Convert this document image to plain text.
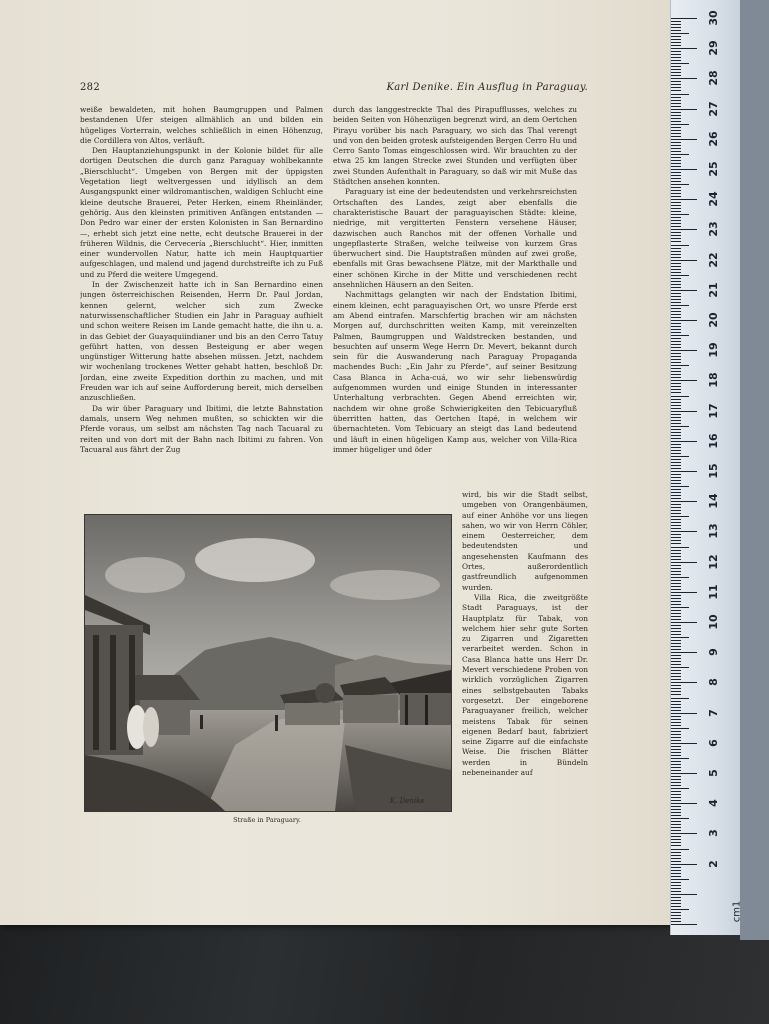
282	Karl Denike. Ein Ausflug in Paraguay.

weiße bewaldeten, mit hohen Baumgruppen und Palmen bestandenen Ufer steigen allmählich an und bilden ein hügeliges Vorterrain, welches schließlich in einen Höhenzug, die Cordillera von Altos, verläuft.

Den Hauptanziehungspunkt in der Kolonie bildet für alle dortigen Deutschen die durch ganz Paraguay wohlbekannte „Bierschlucht“. Umgeben von Bergen mit der üppigsten Vegetation liegt weltvergessen und idyllisch an dem Ausgangspunkt einer wildromantischen, waldigen Schlucht eine kleine deutsche Brauerei, Peter Herken, einem Rheinländer, gehörig. Aus den kleinsten primitiven Anfängen entstanden — Don Pedro war einer der ersten Kolonisten in San Bernardino —, erhebt sich jetzt eine nette, echt deutsche Brauerei in der früheren Wildnis, die Cervecería „Bierschlucht“. Hier, inmitten einer wundervollen Natur, hatte ich mein Hauptquartier aufgeschlagen, und malend und jagend durchstreifte ich zu Fuß und zu Pferd die weitere Umgegend.

In der Zwischenzeit hatte ich in San Bernardino einen jungen österreichischen Reisenden, Herrn Dr. Paul Jordan, kennen gelernt, welcher sich zum Zwecke naturwissenschaftlicher Studien ein Jahr in Paraguay aufhielt und schon weitere Reisen im Lande gemacht hatte, die ihn u. a. in das Gebiet der Guayaquiindianer und bis an den Cerro Tatuy geführt hatten, von dessen Besteigung er aber wegen ungünstiger Witterung hatte absehen müssen. Jetzt, nachdem wir wochenlang trockenes Wetter gehabt hatten, beschloß Dr. Jordan, eine zweite Expedition dorthin zu machen, und mit Freuden war ich auf seine Aufforderung bereit, mich derselben anzuschließen.

Da wir über Paraguary und Ibitimi, die letzte Bahnstation damals, unsern Weg nehmen mußten, so schickten wir die Pferde voraus, um selbst am nächsten Tag nach Tacuaral zu reiten und von dort mit der Bahn nach Ibitimi zu fahren. Von Tacuaral aus fährt der Zug

durch das langgestreckte Thal des Pirapufflusses, welches zu beiden Seiten von Höhenzügen begrenzt wird, an dem Oertchen Pirayu vorüber bis nach Paraguary, wo sich das Thal verengt und von den beiden grotesk aufsteigenden Bergen Cerro Hu und Cerro Santo Tomas eingeschlossen wird. Wir brauchten zu der etwa 25 km langen Strecke zwei Stunden und verfügten über zwei Stunden Aufenthalt in Paraguary, so daß wir mit Muße das Städtchen ansehen konnten.

Paraguary ist eine der bedeutendsten und verkehrsreichsten Ortschaften des Landes, zeigt aber ebenfalls die charakteristische Bauart der paraguayischen Städte: kleine, niedrige, mit vergitterten Fenstern versehene Häuser, dazwischen auch Ranchos mit der offenen Vorhalle und ungepflasterte Straßen, welche teilweise von kurzem Gras überwuchert sind. Die Hauptstraßen münden auf zwei große, ebenfalls mit Gras bewachsene Plätze, mit der Markthalle und einer schönen Kirche in der Mitte und verschiedenen recht ansehnlichen Häusern an den Seiten.

Nachmittags gelangten wir nach der Endstation Ibitimi, einem kleinen, echt paraguayischen Ort, wo unsre Pferde erst am Abend eintrafen. Marschfertig brachen wir am nächsten Morgen auf, durchschritten weiten Kamp, mit vereinzelten Palmen, Baumgruppen und Waldstrecken bestanden, und besuchten auf unserm Wege Herrn Dr. Mevert, bekannt durch sein für die Auswanderung nach Paraguay Propaganda machendes Buch: „Ein Jahr zu Pferde“, auf seiner Besitzung Casa Blanca in Acha-cuá, wo wir sehr liebenswürdig aufgenommen wurden und einige Stunden in interessanter Unterhaltung verbrachten. Gegen Abend erreichten wir, nachdem wir ohne große Schwierigkeiten den Tebicuaryfluß überritten hatten, das Oertchen Itapé, in welchem wir übernachteten. Vom Tebicuary an steigt das Land bedeutend und läuft in einen hügeligen Kamp aus, welcher von Villa-Rica immer hügeliger und öder

wird, bis wir die Stadt selbst, umgeben von Orangenbäumen, auf einer Anhöhe vor uns liegen sahen, wo wir von Herrn Cöhler, einem Oesterreicher, dem bedeutendsten und angesehensten Kaufmann des Ortes, außerordentlich gastfreundlich aufgenommen wurden.

Villa Rica, die zweitgrößte Stadt Paraguays, ist der Hauptplatz für Tabak, von welchem hier sehr gute Sorten zu Zigarren und Zigaretten verarbeitet werden. Schon in Casa Blanca hatte uns Herr Dr. Mevert verschiedene Proben von wirklich vorzüglichen Zigarren eines selbstgebauten Tabaks vorgesetzt. Der eingeborene Paraguayaner freilich, welcher meistens Tabak für seinen eigenen Bedarf baut, fabriziert seine Zigarre auf die einfachste Weise. Die frischen Blätter werden in Bündeln nebeneinander auf

K. Denike
Straße in Paraguary.
30
29
28
27
26
25
24
23
22
21
20
19
18
17
16
15
14
13
12
11
10
9
8
7
6
5
4
3
2
cm1
